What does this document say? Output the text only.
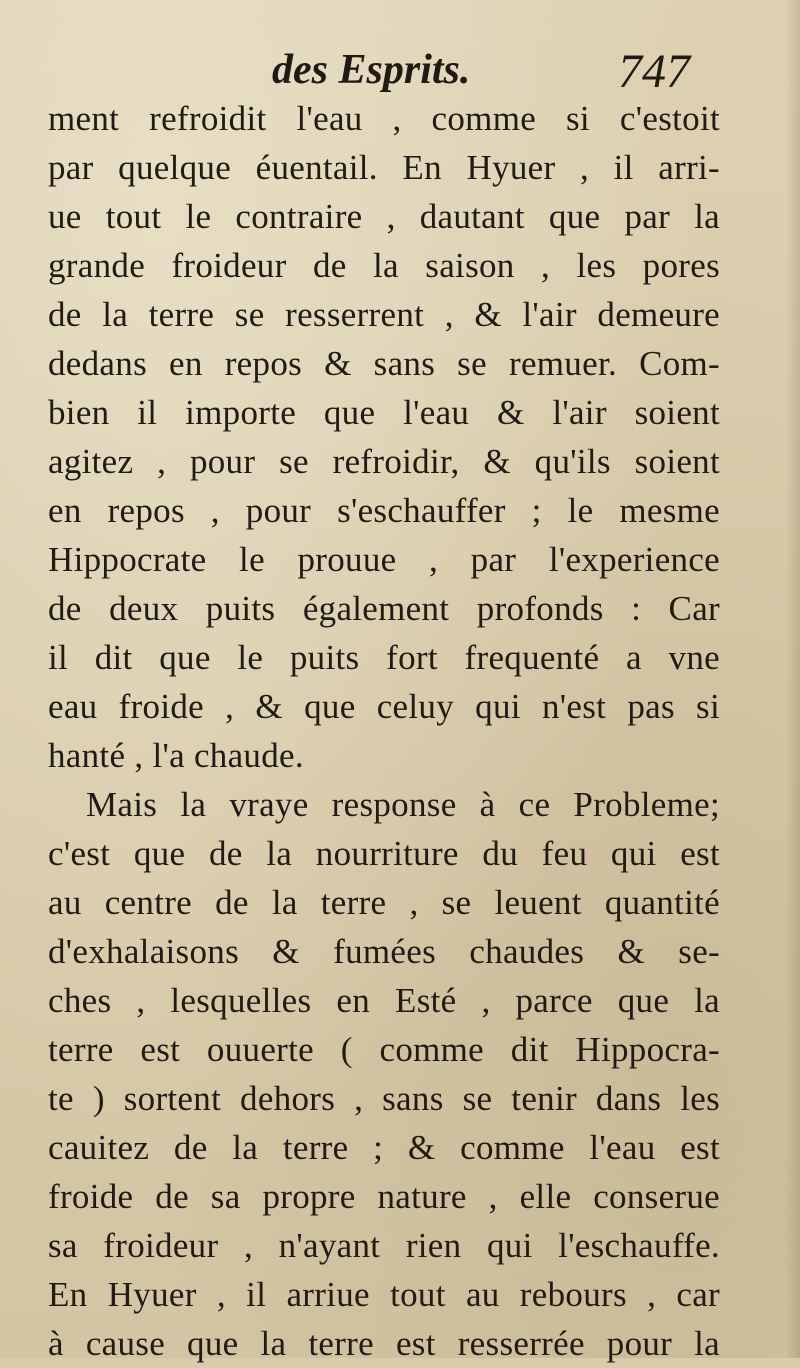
des Esprits.	747
ment refroidit l'eau , comme si c'estoit
par quelque éuentail. En Hyuer , il arri-
ue tout le contraire , dautant que par la
grande froideur de la saison , les pores
de la terre se resserrent , & l'air demeure
dedans en repos & sans se remuer. Com-
bien il importe que l'eau & l'air soient
agitez , pour se refroidir, & qu'ils soient
en repos , pour s'eschauffer ; le mesme
Hippocrate le prouue , par l'experience
de deux puits également profonds : Car
il dit que le puits fort frequenté a vne
eau froide , & que celuy qui n'est pas si
hanté , l'a chaude.
Mais la vraye response à ce Probleme;
c'est que de la nourriture du feu qui est
au centre de la terre , se leuent quantité
d'exhalaisons & fumées chaudes & se-
ches , lesquelles en Esté , parce que la
terre est ouuerte ( comme dit Hippocra-
te ) sortent dehors , sans se tenir dans les
cauitez de la terre ; & comme l'eau est
froide de sa propre nature , elle conserue
sa froideur , n'ayant rien qui l'eschauffe.
En Hyuer , il arriue tout au rebours , car
à cause que la terre est resserrée pour la
